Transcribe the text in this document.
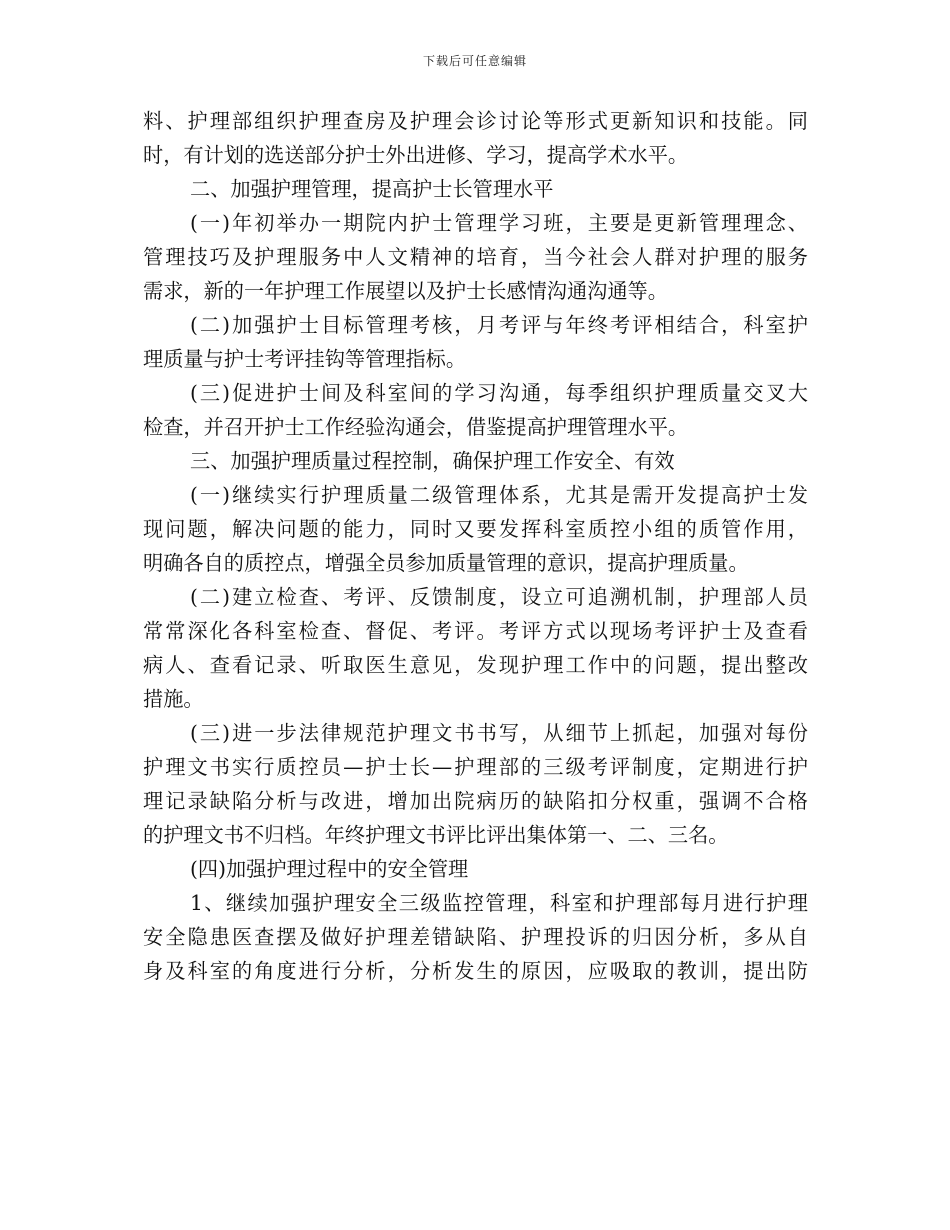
下载后可任意编辑
料、护理部组织护理查房及护理会诊讨论等形式更新知识和技能。同
时，有计划的选送部分护士外出进修、学习，提高学术水平。
二、加强护理管理，提高护士长管理水平
(一)年初举办一期院内护士管理学习班，主要是更新管理理念、
管理技巧及护理服务中人文精神的培育，当今社会人群对护理的服务
需求，新的一年护理工作展望以及护士长感情沟通沟通等。
(二)加强护士目标管理考核，月考评与年终考评相结合，科室护
理质量与护士考评挂钩等管理指标。
(三)促进护士间及科室间的学习沟通，每季组织护理质量交叉大
检查，并召开护士工作经验沟通会，借鉴提高护理管理水平。
三、加强护理质量过程控制，确保护理工作安全、有效
(一)继续实行护理质量二级管理体系，尤其是需开发提高护士发
现问题，解决问题的能力，同时又要发挥科室质控小组的质管作用，
明确各自的质控点，增强全员参加质量管理的意识，提高护理质量。
(二)建立检查、考评、反馈制度，设立可追溯机制，护理部人员
常常深化各科室检查、督促、考评。考评方式以现场考评护士及查看
病人、查看记录、听取医生意见，发现护理工作中的问题，提出整改
措施。
(三)进一步法律规范护理文书书写，从细节上抓起，加强对每份
护理文书实行质控员—护士长—护理部的三级考评制度，定期进行护
理记录缺陷分析与改进，增加出院病历的缺陷扣分权重，强调不合格
的护理文书不归档。年终护理文书评比评出集体第一、二、三名。
(四)加强护理过程中的安全管理
1、继续加强护理安全三级监控管理，科室和护理部每月进行护理
安全隐患医查摆及做好护理差错缺陷、护理投诉的归因分析，多从自
身及科室的角度进行分析，分析发生的原因，应吸取的教训，提出防
